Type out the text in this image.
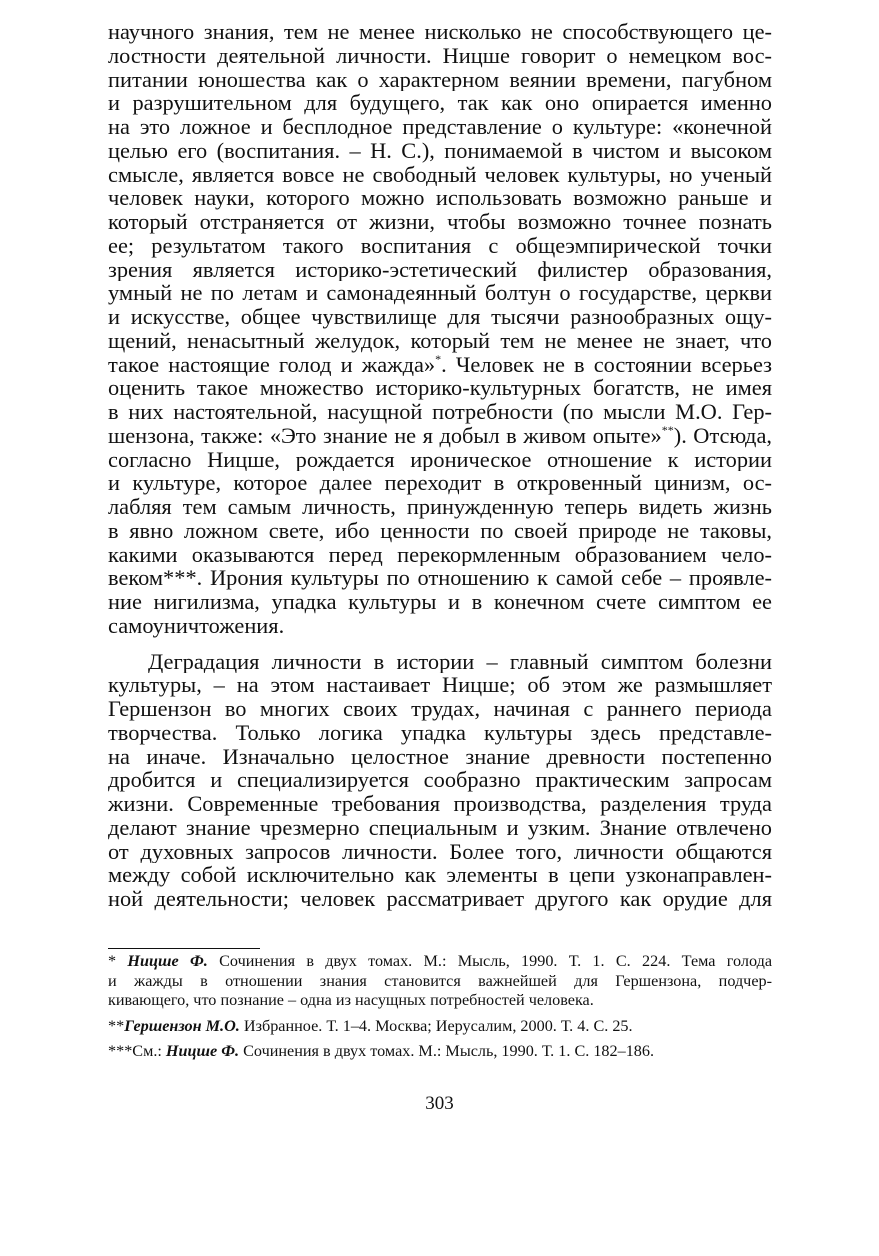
научного знания, тем не менее нисколько не способствующего це-
лостности деятельной личности. Ницше говорит о немецком вос-
питании юношества как о характерном веянии времени, пагубном
и разрушительном для будущего, так как оно опирается именно
на это ложное и бесплодное представление о культуре: «конечной
целью его (воспитания. – Н. С.), понимаемой в чистом и высоком
смысле, является вовсе не свободный человек культуры, но ученый
человек науки, которого можно использовать возможно раньше и
который отстраняется от жизни, чтобы возможно точнее познать
ее; результатом такого воспитания с общеэмпирической точки
зрения является историко-эстетический филистер образования,
умный не по летам и самонадеянный болтун о государстве, церкви
и искусстве, общее чувствилище для тысячи разнообразных ощу-
щений, ненасытный желудок, который тем не менее не знает, что
такое настоящие голод и жажда»*. Человек не в состоянии всерьез
оценить такое множество историко-культурных богатств, не имея
в них настоятельной, насущной потребности (по мысли М.О. Гер-
шензона, также: «Это знание не я добыл в живом опыте»**). Отсюда,
согласно Ницше, рождается ироническое отношение к истории
и культуре, которое далее переходит в откровенный цинизм, ос-
лабляя тем самым личность, принужденную теперь видеть жизнь
в явно ложном свете, ибо ценности по своей природе не таковы,
какими оказываются перед перекормленным образованием чело-
веком***. Ирония культуры по отношению к самой себе – проявле-
ние нигилизма, упадка культуры и в конечном счете симптом ее
самоуничтожения.
Деградация личности в истории – главный симптом болезни
культуры, – на этом настаивает Ницше; об этом же размышляет
Гершензон во многих своих трудах, начиная с раннего периода
творчества. Только логика упадка культуры здесь представле-
на иначе. Изначально целостное знание древности постепенно
дробится и специализируется сообразно практическим запросам
жизни. Современные требования производства, разделения труда
делают знание чрезмерно специальным и узким. Знание отвлечено
от духовных запросов личности. Более того, личности общаются
между собой исключительно как элементы в цепи узконаправлен-
ной деятельности; человек рассматривает другого как орудие для
* Ницше Ф. Сочинения в двух томах. М.: Мысль, 1990. Т. 1. С. 224. Тема голода
и жажды в отношении знания становится важнейшей для Гершензона, подчер-
кивающего, что познание – одна из насущных потребностей человека.
**Гершензон М.О. Избранное. Т. 1–4. Москва; Иерусалим, 2000. Т. 4. С. 25.
***См.: Ницше Ф. Сочинения в двух томах. М.: Мысль, 1990. Т. 1. С. 182–186.
303
